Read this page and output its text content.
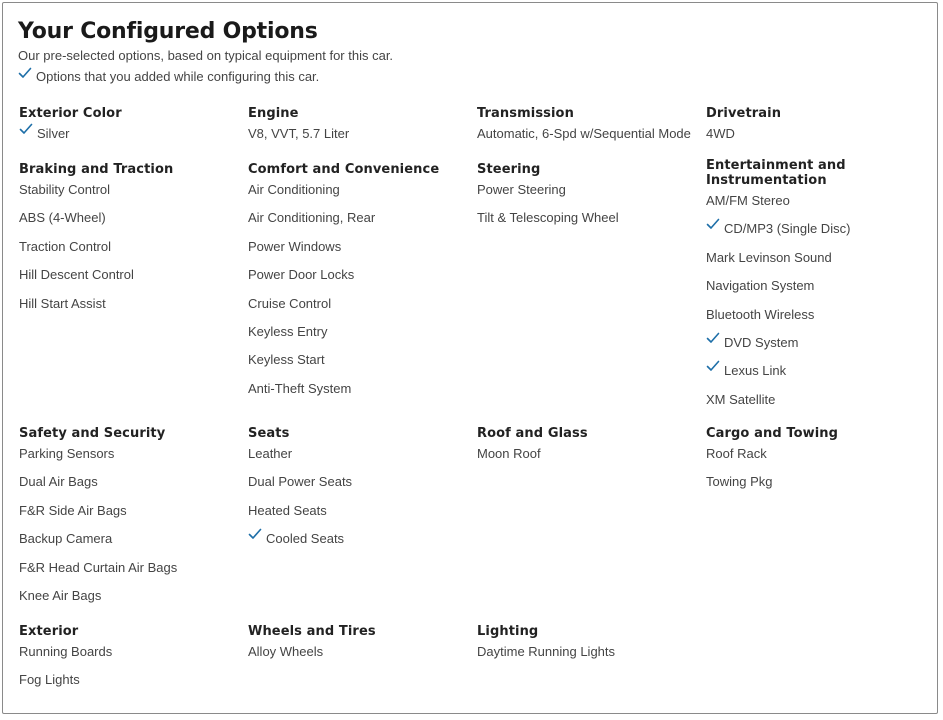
Your Configured Options
Our pre-selected options, based on typical equipment for this car.
Options that you added while configuring this car.
Exterior Color
Silver
Engine
V8, VVT, 5.7 Liter
Transmission
Automatic, 6-Spd w/Sequential Mode
Drivetrain
4WD
Braking and Traction
Stability Control
ABS (4-Wheel)
Traction Control
Hill Descent Control
Hill Start Assist
Comfort and Convenience
Air Conditioning
Air Conditioning, Rear
Power Windows
Power Door Locks
Cruise Control
Keyless Entry
Keyless Start
Anti-Theft System
Steering
Power Steering
Tilt & Telescoping Wheel
Entertainment and Instrumentation
AM/FM Stereo
CD/MP3 (Single Disc)
Mark Levinson Sound
Navigation System
Bluetooth Wireless
DVD System
Lexus Link
XM Satellite
Safety and Security
Parking Sensors
Dual Air Bags
F&R Side Air Bags
Backup Camera
F&R Head Curtain Air Bags
Knee Air Bags
Seats
Leather
Dual Power Seats
Heated Seats
Cooled Seats
Roof and Glass
Moon Roof
Cargo and Towing
Roof Rack
Towing Pkg
Exterior
Running Boards
Fog Lights
Wheels and Tires
Alloy Wheels
Lighting
Daytime Running Lights
